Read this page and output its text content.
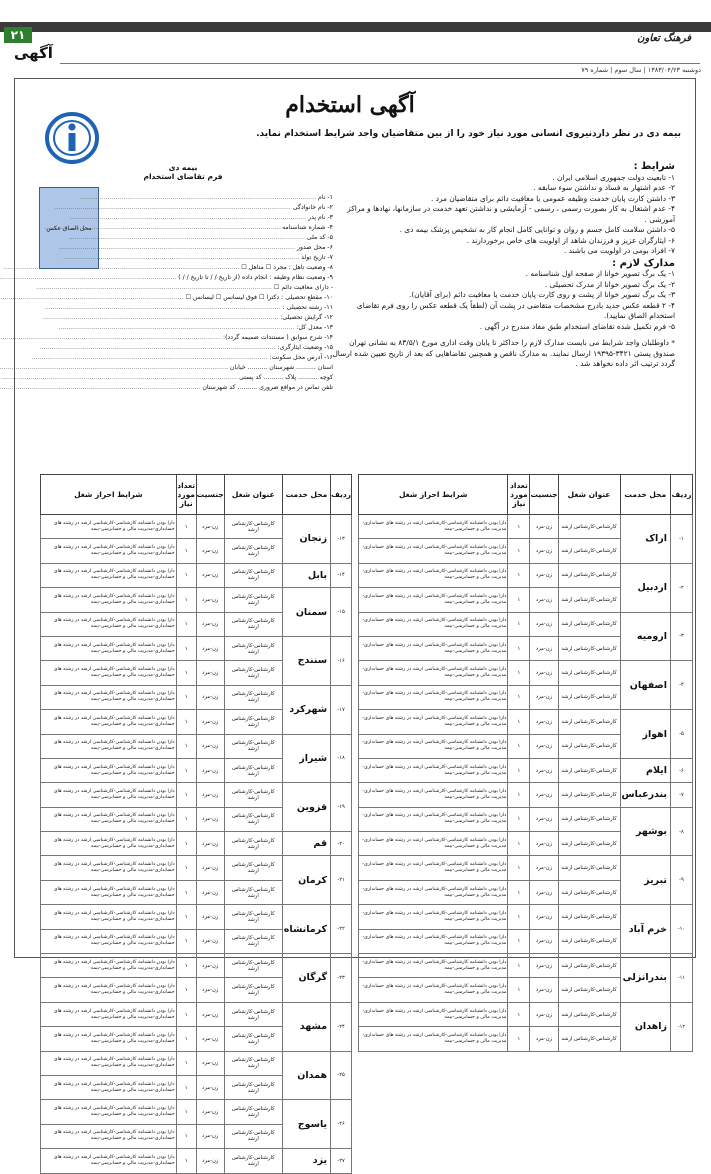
۲۱
آگهی
فرهنگ تعاون
دوشنبه ۱۳۸۳/۰۴/۲۳ | سال سوم | شماره ۷۹
آگهی استخدام
بیمه دی در نظر داردنیروی انسانی مورد نیاز خود را از بین متقاضیان واجد شرایط استخدام نماید.
شرایط :

۱- تابعیت دولت جمهوری اسلامی ایران .

۲- عدم اشتهار به فساد و نداشتن سوء سابقه .

۳- داشتن کارت پایان خدمت وظیفه عمومی یا معافیت دائم برای متقاضیان مرد .

۴- عدم اشتغال به کار بصورت رسمی ، رسمی - آزمایشی و نداشتن تعهد خدمت در سازمانها، نهادها و مراکز آموزشی .

۵- داشتن سلامت کامل جسم و روان و توانایی کامل انجام کار به تشخیص پزشک بیمه دی .

۶- ایثارگران عزیز و فرزندان شاهد از اولویت های خاص برخوردارند .

۷- افراد بومی در اولویت می باشند .

مدارک لازم :

۱- یک برگ تصویر خوانا از صفحه اول شناسنامه .

۲- یک برگ تصویر خوانا از مدرک تحصیلی .

۳- یک برگ تصویر خوانا از پشت و روی کارت پایان خدمت یا معافیت دائم (برای آقایان).

۴- ۲ قطعه عکس جدید بادرج مشخصات متقاضی در پشت آن (لطفاً یک قطعه عکس را روی فرم تقاضای استخدام الصاق نمایید).

۵- فرم تکمیل شده تقاضای استخدام طبق مفاد مندرج در آگهی .

* داوطلبان واجد شرایط می بایست مدارک لازم را حداکثر تا پایان وقت اداری مورخ ۸۳/۵/۱ به نشانی تهران صندوق پستی ۳۴۲۱-۱۹۳۹۵ ارسال نمایند. به مدارک ناقص و همچنین تقاضاهایی که بعد از تاریخ تعیین شده ارسال گردد ترتیب اثر داده نخواهد شد .

بیمه دی
فرم تقاضای استخدام
محل الصاق عکس
۱- نام .....
۲- نام خانوادگی .....
۳- نام پدر .....
۴- شماره شناسنامه .....
۵- کد ملی .....
۶- محل صدور .....
۷- تاریخ تولد .....
۸- وضعیت تاهل : مجرد ☐ متاهل ☐ .....
۹- وضعیت نظام وظیفه : انجام داده (از تاریخ / / تا تاریخ / / ) .....
- دارای معافیت دائم ☐ .....
۱۰- مقطع تحصیلی : دکترا ☐ فوق لیسانس ☐ لیسانس ☐ .....
۱۱- رشته تحصیلی : .....
۱۲- گرایش تحصیلی: .....
۱۳- معدل کل: .....
۱۴- شرح سوابق ( مستندات ضمیمه گردد): .....
۱۵- وضعیت ایثارگری: .....
۱۶- آدرس محل سکونت: .....
استان .......... شهرستان .......... خیابان .....
کوچه .......... پلاک .......... کد پستی .....
تلفن تماس در مواقع ضروری .......... کد شهرستان .....
ردیف	محل خدمت	عنوان شغل	جنسیت	تعداد مورد نیاز	شرایط احراز شغل
۱-	اراک	کارشناس-کارشناس ارشد	زن-مرد	۱	دارا بودن دانشنامه کارشناسی-کارشناسی ارشد در رشته های حسابداری-مدیریت مالی و حسابرسی-بیمه
		کارشناس-کارشناس ارشد	زن-مرد	۱	دارا بودن دانشنامه کارشناسی-کارشناسی ارشد در رشته های حسابداری-مدیریت مالی و حسابرسی-بیمه
۲-	اردبیل	کارشناس-کارشناس ارشد	زن-مرد	۱	دارا بودن دانشنامه کارشناسی-کارشناسی ارشد در رشته های حسابداری-مدیریت مالی و حسابرسی-بیمه
		کارشناس-کارشناس ارشد	زن-مرد	۱	دارا بودن دانشنامه کارشناسی-کارشناسی ارشد در رشته های حسابداری-مدیریت مالی و حسابرسی-بیمه
۳-	ارومیه	کارشناس-کارشناس ارشد	زن-مرد	۱	دارا بودن دانشنامه کارشناسی-کارشناسی ارشد در رشته های حسابداری-مدیریت مالی و حسابرسی-بیمه
		کارشناس-کارشناس ارشد	زن-مرد	۱	دارا بودن دانشنامه کارشناسی-کارشناسی ارشد در رشته های حسابداری-مدیریت مالی و حسابرسی-بیمه
۴-	اصفهان	کارشناس-کارشناس ارشد	زن-مرد	۱	دارا بودن دانشنامه کارشناسی-کارشناسی ارشد در رشته های حسابداری-مدیریت مالی و حسابرسی-بیمه
		کارشناس-کارشناس ارشد	زن-مرد	۱	دارا بودن دانشنامه کارشناسی-کارشناسی ارشد در رشته های حسابداری-مدیریت مالی و حسابرسی-بیمه
۵-	اهواز	کارشناس-کارشناس ارشد	زن-مرد	۱	دارا بودن دانشنامه کارشناسی-کارشناسی ارشد در رشته های حسابداری-مدیریت مالی و حسابرسی-بیمه
		کارشناس-کارشناس ارشد	زن-مرد	۱	دارا بودن دانشنامه کارشناسی-کارشناسی ارشد در رشته های حسابداری-مدیریت مالی و حسابرسی-بیمه
۶-	ایلام	کارشناس-کارشناس ارشد	زن-مرد	۱	دارا بودن دانشنامه کارشناسی-کارشناسی ارشد در رشته های حسابداری-مدیریت مالی و حسابرسی-بیمه
۷-	بندرعباس	کارشناس-کارشناس ارشد	زن-مرد	۱	دارا بودن دانشنامه کارشناسی-کارشناسی ارشد در رشته های حسابداری-مدیریت مالی و حسابرسی-بیمه
۸-	بوشهر	کارشناس-کارشناس ارشد	زن-مرد	۱	دارا بودن دانشنامه کارشناسی-کارشناسی ارشد در رشته های حسابداری-مدیریت مالی و حسابرسی-بیمه
		کارشناس-کارشناس ارشد	زن-مرد	۱	دارا بودن دانشنامه کارشناسی-کارشناسی ارشد در رشته های حسابداری-مدیریت مالی و حسابرسی-بیمه
۹-	تبریز	کارشناس-کارشناس ارشد	زن-مرد	۱	دارا بودن دانشنامه کارشناسی-کارشناسی ارشد در رشته های حسابداری-مدیریت مالی و حسابرسی-بیمه
		کارشناس-کارشناس ارشد	زن-مرد	۱	دارا بودن دانشنامه کارشناسی-کارشناسی ارشد در رشته های حسابداری-مدیریت مالی و حسابرسی-بیمه
۱۰-	خرم آباد	کارشناس-کارشناس ارشد	زن-مرد	۱	دارا بودن دانشنامه کارشناسی-کارشناسی ارشد در رشته های حسابداری-مدیریت مالی و حسابرسی-بیمه
		کارشناس-کارشناس ارشد	زن-مرد	۱	دارا بودن دانشنامه کارشناسی-کارشناسی ارشد در رشته های حسابداری-مدیریت مالی و حسابرسی-بیمه
۱۱-	بندرانزلی	کارشناس-کارشناس ارشد	زن-مرد	۱	دارا بودن دانشنامه کارشناسی-کارشناسی ارشد در رشته های حسابداری-مدیریت مالی و حسابرسی-بیمه
		کارشناس-کارشناس ارشد	زن-مرد	۱	دارا بودن دانشنامه کارشناسی-کارشناسی ارشد در رشته های حسابداری-مدیریت مالی و حسابرسی-بیمه
۱۲-	زاهدان	کارشناس-کارشناس ارشد	زن-مرد	۱	دارا بودن دانشنامه کارشناسی-کارشناسی ارشد در رشته های حسابداری-مدیریت مالی و حسابرسی-بیمه
		کارشناس-کارشناس ارشد	زن-مرد	۱	دارا بودن دانشنامه کارشناسی-کارشناسی ارشد در رشته های حسابداری-مدیریت مالی و حسابرسی-بیمه
ردیف	محل خدمت	عنوان شغل	جنسیت	تعداد مورد نیاز	شرایط احراز شغل
۱۳-	زنجان	کارشناس-کارشناس ارشد	زن-مرد	۱	دارا بودن دانشنامه کارشناسی-کارشناسی ارشد در رشته های حسابداری-مدیریت مالی و حسابرسی-بیمه
		کارشناس-کارشناس ارشد	زن-مرد	۱	دارا بودن دانشنامه کارشناسی-کارشناسی ارشد در رشته های حسابداری-مدیریت مالی و حسابرسی-بیمه
۱۴-	بابل	کارشناس-کارشناس ارشد	زن-مرد	۱	دارا بودن دانشنامه کارشناسی-کارشناسی ارشد در رشته های حسابداری-مدیریت مالی و حسابرسی-بیمه
۱۵-	سمنان	کارشناس-کارشناس ارشد	زن-مرد	۱	دارا بودن دانشنامه کارشناسی-کارشناسی ارشد در رشته های حسابداری-مدیریت مالی و حسابرسی-بیمه
		کارشناس-کارشناس ارشد	زن-مرد	۱	دارا بودن دانشنامه کارشناسی-کارشناسی ارشد در رشته های حسابداری-مدیریت مالی و حسابرسی-بیمه
۱۶-	سنندج	کارشناس-کارشناس ارشد	زن-مرد	۱	دارا بودن دانشنامه کارشناسی-کارشناسی ارشد در رشته های حسابداری-مدیریت مالی و حسابرسی-بیمه
		کارشناس-کارشناس ارشد	زن-مرد	۱	دارا بودن دانشنامه کارشناسی-کارشناسی ارشد در رشته های حسابداری-مدیریت مالی و حسابرسی-بیمه
۱۷-	شهرکرد	کارشناس-کارشناس ارشد	زن-مرد	۱	دارا بودن دانشنامه کارشناسی-کارشناسی ارشد در رشته های حسابداری-مدیریت مالی و حسابرسی-بیمه
		کارشناس-کارشناس ارشد	زن-مرد	۱	دارا بودن دانشنامه کارشناسی-کارشناسی ارشد در رشته های حسابداری-مدیریت مالی و حسابرسی-بیمه
۱۸-	شیراز	کارشناس-کارشناس ارشد	زن-مرد	۱	دارا بودن دانشنامه کارشناسی-کارشناسی ارشد در رشته های حسابداری-مدیریت مالی و حسابرسی-بیمه
		کارشناس-کارشناس ارشد	زن-مرد	۱	دارا بودن دانشنامه کارشناسی-کارشناسی ارشد در رشته های حسابداری-مدیریت مالی و حسابرسی-بیمه
۱۹-	قزوین	کارشناس-کارشناس ارشد	زن-مرد	۱	دارا بودن دانشنامه کارشناسی-کارشناسی ارشد در رشته های حسابداری-مدیریت مالی و حسابرسی-بیمه
		کارشناس-کارشناس ارشد	زن-مرد	۱	دارا بودن دانشنامه کارشناسی-کارشناسی ارشد در رشته های حسابداری-مدیریت مالی و حسابرسی-بیمه
۲۰-	قم	کارشناس-کارشناس ارشد	زن-مرد	۱	دارا بودن دانشنامه کارشناسی-کارشناسی ارشد در رشته های حسابداری-مدیریت مالی و حسابرسی-بیمه
۲۱-	کرمان	کارشناس-کارشناس ارشد	زن-مرد	۱	دارا بودن دانشنامه کارشناسی-کارشناسی ارشد در رشته های حسابداری-مدیریت مالی و حسابرسی-بیمه
		کارشناس-کارشناس ارشد	زن-مرد	۱	دارا بودن دانشنامه کارشناسی-کارشناسی ارشد در رشته های حسابداری-مدیریت مالی و حسابرسی-بیمه
۲۲-	کرمانشاه	کارشناس-کارشناس ارشد	زن-مرد	۱	دارا بودن دانشنامه کارشناسی-کارشناسی ارشد در رشته های حسابداری-مدیریت مالی و حسابرسی-بیمه
		کارشناس-کارشناس ارشد	زن-مرد	۱	دارا بودن دانشنامه کارشناسی-کارشناسی ارشد در رشته های حسابداری-مدیریت مالی و حسابرسی-بیمه
۲۳-	گرگان	کارشناس-کارشناس ارشد	زن-مرد	۱	دارا بودن دانشنامه کارشناسی-کارشناسی ارشد در رشته های حسابداری-مدیریت مالی و حسابرسی-بیمه
		کارشناس-کارشناس ارشد	زن-مرد	۱	دارا بودن دانشنامه کارشناسی-کارشناسی ارشد در رشته های حسابداری-مدیریت مالی و حسابرسی-بیمه
۲۴-	مشهد	کارشناس-کارشناس ارشد	زن-مرد	۱	دارا بودن دانشنامه کارشناسی-کارشناسی ارشد در رشته های حسابداری-مدیریت مالی و حسابرسی-بیمه
		کارشناس-کارشناس ارشد	زن-مرد	۱	دارا بودن دانشنامه کارشناسی-کارشناسی ارشد در رشته های حسابداری-مدیریت مالی و حسابرسی-بیمه
۲۵-	همدان	کارشناس-کارشناس ارشد	زن-مرد	۱	دارا بودن دانشنامه کارشناسی-کارشناسی ارشد در رشته های حسابداری-مدیریت مالی و حسابرسی-بیمه
		کارشناس-کارشناس ارشد	زن-مرد	۱	دارا بودن دانشنامه کارشناسی-کارشناسی ارشد در رشته های حسابداری-مدیریت مالی و حسابرسی-بیمه
۲۶-	یاسوج	کارشناس-کارشناس ارشد	زن-مرد	۱	دارا بودن دانشنامه کارشناسی-کارشناسی ارشد در رشته های حسابداری-مدیریت مالی و حسابرسی-بیمه
		کارشناس-کارشناس ارشد	زن-مرد	۱	دارا بودن دانشنامه کارشناسی-کارشناسی ارشد در رشته های حسابداری-مدیریت مالی و حسابرسی-بیمه
۲۷-	یزد	کارشناس-کارشناس ارشد	زن-مرد	۱	دارا بودن دانشنامه کارشناسی-کارشناسی ارشد در رشته های حسابداری-مدیریت مالی و حسابرسی-بیمه
